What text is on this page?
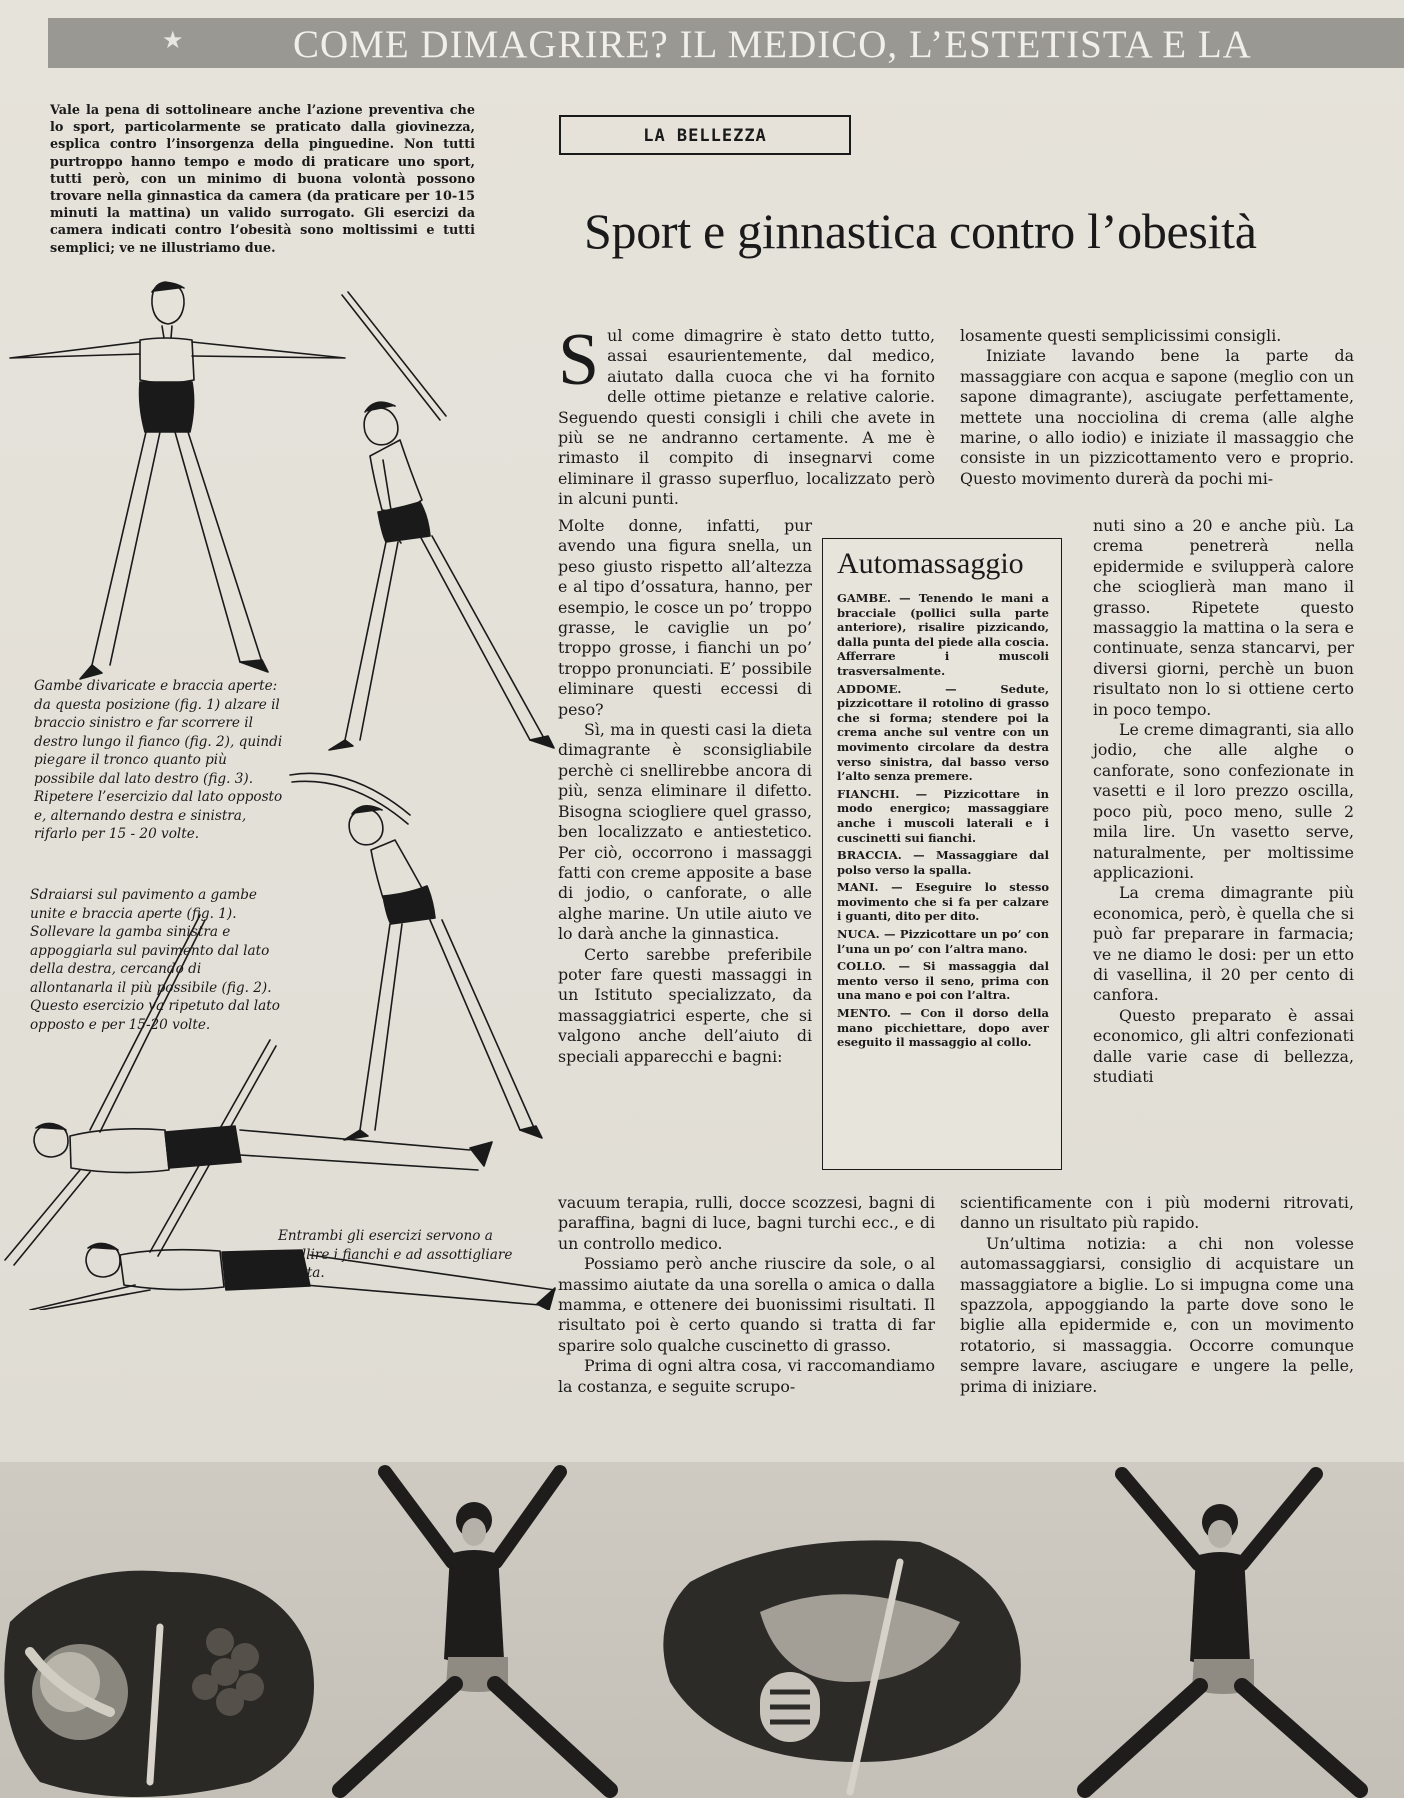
★	COME DIMAGRIRE? IL MEDICO, L’ESTETISTA E LA
Vale la pena di sottolineare anche l’azione preventiva che lo sport, particolarmente se praticato dalla giovinezza, esplica contro l’insorgenza della pinguedine. Non tutti purtroppo hanno tempo e modo di praticare uno sport, tutti però, con un minimo di buona volontà possono trovare nella ginnastica da camera (da praticare per 10-15 minuti la mattina) un valido surrogato. Gli esercizi da camera indicati contro l’obesità sono moltissimi e tutti semplici; ve ne illustriamo due.
LA BELLEZZA
Sport e ginnastica contro l’obesità
Gambe divaricate e braccia aperte: da questa posizione (fig. 1) alzare il braccio sinistro e far scorrere il destro lungo il fianco (fig. 2), quindi piegare il tronco quanto più possibile dal lato destro (fig. 3). Ripetere l’esercizio dal lato opposto e, alternando destra e sinistra, rifarlo per 15 - 20 volte.
Sdraiarsi sul pavimento a gambe unite e braccia aperte (fig. 1). Sollevare la gamba sinistra e appoggiarla sul pavimento dal lato della destra, cercando di allontanarla il più possibile (fig. 2). Questo esercizio va ripetuto dal lato opposto e per 15-20 volte.
Entrambi gli esercizi servono a snellire i fianchi e ad assottigliare la vita.

Sul come dimagrire è stato detto tutto, assai esaurientemente, dal medico, aiutato dalla cuoca che vi ha fornito delle ottime pietanze e relative calorie. Seguendo questi consigli i chili che avete in più se ne andranno certamente. A me è rimasto il compito di insegnarvi come eliminare il grasso superfluo, localizzato però in alcuni punti.

Molte donne, infatti, pur avendo una figura snella, un peso giusto rispetto all’altezza e al tipo d’ossatura, hanno, per esempio, le cosce un po’ troppo grasse, le caviglie un po’ troppo grosse, i fianchi un po’ troppo pronunciati. E’ possibile eliminare questi eccessi di peso?

Sì, ma in questi casi la dieta dimagrante è sconsigliabile perchè ci snellirebbe ancora di più, senza eliminare il difetto. Bisogna sciogliere quel grasso, ben localizzato e antiestetico. Per ciò, occorrono i massaggi fatti con creme apposite a base di jodio, o canforate, o alle alghe marine. Un utile aiuto ve lo darà anche la ginnastica.

Certo sarebbe preferibile poter fare questi massaggi in un Istituto specializzato, da massaggiatrici esperte, che si valgono anche dell’aiuto di speciali apparecchi e bagni:

vacuum terapia, rulli, docce scozzesi, bagni di paraffina, bagni di luce, bagni turchi ecc., e di un controllo medico.

Possiamo però anche riuscire da sole, o al massimo aiutate da una sorella o amica o dalla mamma, e ottenere dei buonissimi risultati. Il risultato poi è certo quando si tratta di far sparire solo qualche cuscinetto di grasso.

Prima di ogni altra cosa, vi raccomandiamo la costanza, e seguite scrupo-

Automassaggio

GAMBE. — Tenendo le mani a bracciale (pollici sulla parte anteriore), risalire pizzicando, dalla punta del piede alla coscia. Afferrare i muscoli trasversalmente.

ADDOME. — Sedute, pizzicottare il rotolino di grasso che si forma; stendere poi la crema anche sul ventre con un movimento circolare da destra verso sinistra, dal basso verso l’alto senza premere.

FIANCHI. — Pizzicottare in modo energico; massaggiare anche i muscoli laterali e i cuscinetti sui fianchi.

BRACCIA. — Massaggiare dal polso verso la spalla.

MANI. — Eseguire lo stesso movimento che si fa per calzare i guanti, dito per dito.

NUCA. — Pizzicottare un po’ con l’una un po’ con l’altra mano.

COLLO. — Si massaggia dal mento verso il seno, prima con una mano e poi con l’altra.

MENTO. — Con il dorso della mano picchiettare, dopo aver eseguito il massaggio al collo.

losamente questi semplicissimi consigli.

Iniziate lavando bene la parte da massaggiare con acqua e sapone (meglio con un sapone dimagrante), asciugate perfettamente, mettete una nocciolina di crema (alle alghe marine, o allo iodio) e iniziate il massaggio che consiste in un pizzicottamento vero e proprio. Questo movimento durerà da pochi mi-

nuti sino a 20 e anche più. La crema penetrerà nella epidermide e svilupperà calore che scioglierà man mano il grasso. Ripetete questo massaggio la mattina o la sera e continuate, senza stancarvi, per diversi giorni, perchè un buon risultato non lo si ottiene certo in poco tempo.

Le creme dimagranti, sia allo jodio, che alle alghe o canforate, sono confezionate in vasetti e il loro prezzo oscilla, poco più, poco meno, sulle 2 mila lire. Un vasetto serve, naturalmente, per moltissime applicazioni.

La crema dimagrante più economica, però, è quella che si può far preparare in farmacia; ve ne diamo le dosi: per un etto di vasellina, il 20 per cento di canfora.

Questo preparato è assai economico, gli altri confezionati dalle varie case di bellezza, studiati

scientificamente con i più moderni ritrovati, danno un risultato più rapido.

Un’ultima notizia: a chi non volesse automassaggiarsi, consiglio di acquistare un massaggiatore a biglie. Lo si impugna come una spazzola, appoggiando la parte dove sono le biglie alla epidermide e, con un movimento rotatorio, si massaggia. Occorre comunque sempre lavare, asciugare e ungere la pelle, prima di iniziare.
